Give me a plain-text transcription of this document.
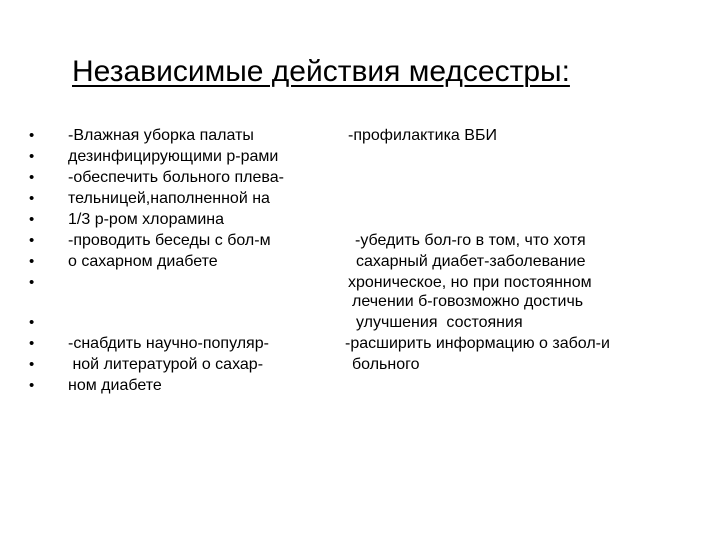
Независимые действия медсестры:
•
•
•
•
•
•
•
•
•
•
•
•
-Влажная уборка палаты
дезинфицирующими р-рами
-обеспечить больного плева-
тельницей,наполненной на
1/3 р-ром хлорамина
-проводить беседы с бол-м
о сахарном диабете
-снабдить научно-популяр-
ной литературой о сахар-
ном диабете
-профилактика ВБИ
-убедить бол-го в том, что хотя
сахарный диабет-заболевание
хроническое, но при постоянном
лечении б-говозможно достичь
улучшения  состояния
-расширить информацию о забол-и
больного
